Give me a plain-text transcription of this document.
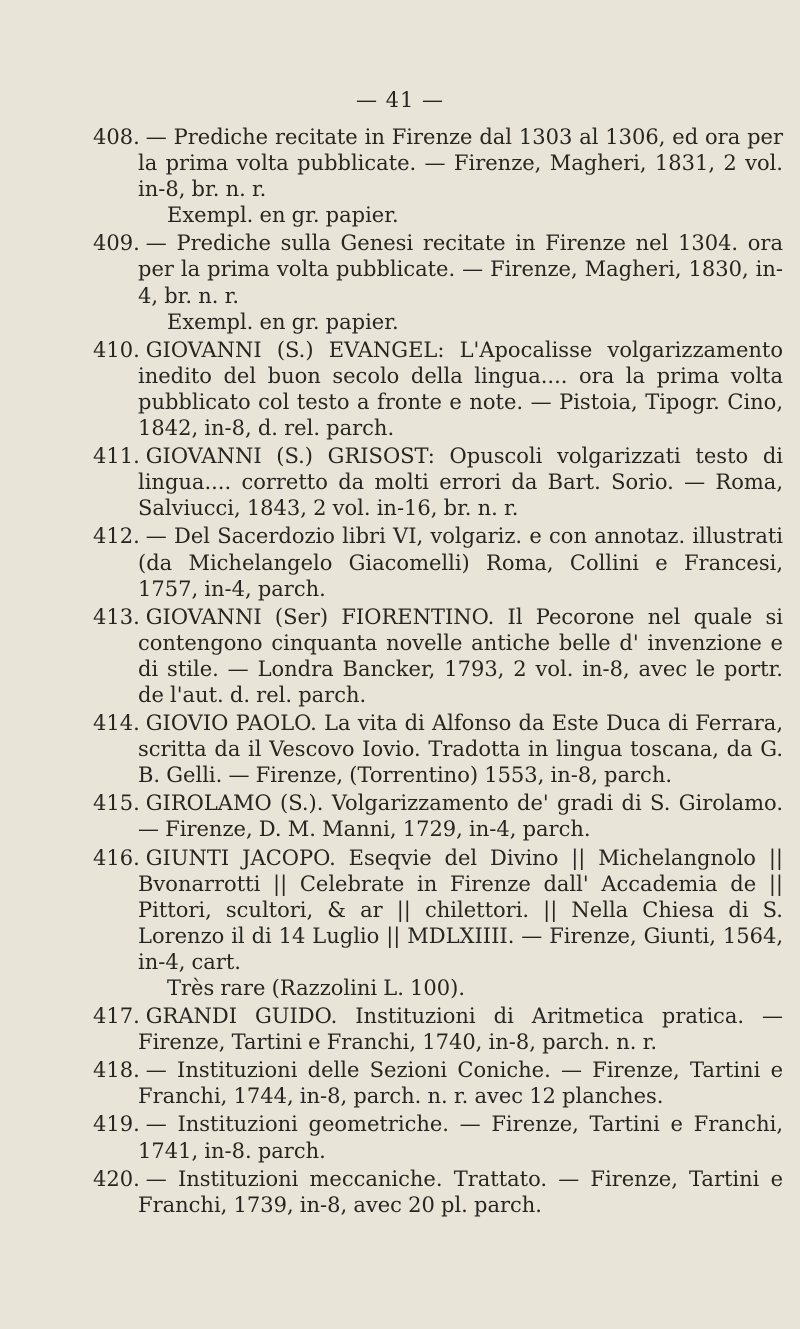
— 41 —

408. — Prediche recitate in Firenze dal 1303 al 1306, ed ora per la prima volta pubblicate. — Firenze, Magheri, 1831, 2 vol. in-8, br. n. r.
Exempl. en gr. papier.

409. — Prediche sulla Genesi recitate in Firenze nel 1304. ora per la prima volta pubblicate. — Firenze, Magheri, 1830, in-4, br. n. r.
Exempl. en gr. papier.

410. GIOVANNI (S.) EVANGEL: L'Apocalisse volgarizzamento inedito del buon secolo della lingua.... ora la prima volta pubblicato col testo a fronte e note. — Pistoia, Tipogr. Cino, 1842, in-8, d. rel. parch.

411. GIOVANNI (S.) GRISOST: Opuscoli volgarizzati testo di lingua.... corretto da molti errori da Bart. Sorio. — Roma, Salviucci, 1843, 2 vol. in-16, br. n. r.

412. — Del Sacerdozio libri VI, volgariz. e con annotaz. illustrati (da Michelangelo Giacomelli) Roma, Collini e Francesi, 1757, in-4, parch.

413. GIOVANNI (Ser) FIORENTINO. Il Pecorone nel quale si contengono cinquanta novelle antiche belle d' invenzione e di stile. — Londra Bancker, 1793, 2 vol. in-8, avec le portr. de l'aut. d. rel. parch.

414. GIOVIO PAOLO. La vita di Alfonso da Este Duca di Ferrara, scritta da il Vescovo Iovio. Tradotta in lingua toscana, da G. B. Gelli. — Firenze, (Torrentino) 1553, in-8, parch.

415. GIROLAMO (S.). Volgarizzamento de' gradi di S. Girolamo. — Firenze, D. M. Manni, 1729, in-4, parch.

416. GIUNTI JACOPO. Eseqvie del Divino || Michelangnolo || Bvonarrotti || Celebrate in Firenze dall' Accademia de || Pittori, scultori, & ar || chilettori. || Nella Chiesa di S. Lorenzo il di 14 Luglio || MDLXIIII. — Firenze, Giunti, 1564, in-4, cart.
Très rare (Razzolini L. 100).

417. GRANDI GUIDO. Instituzioni di Aritmetica pratica. — Firenze, Tartini e Franchi, 1740, in-8, parch. n. r.

418. — Instituzioni delle Sezioni Coniche. — Firenze, Tartini e Franchi, 1744, in-8, parch. n. r. avec 12 planches.

419. — Instituzioni geometriche. — Firenze, Tartini e Franchi, 1741, in-8. parch.

420. — Instituzioni meccaniche. Trattato. — Firenze, Tartini e Franchi, 1739, in-8, avec 20 pl. parch.
